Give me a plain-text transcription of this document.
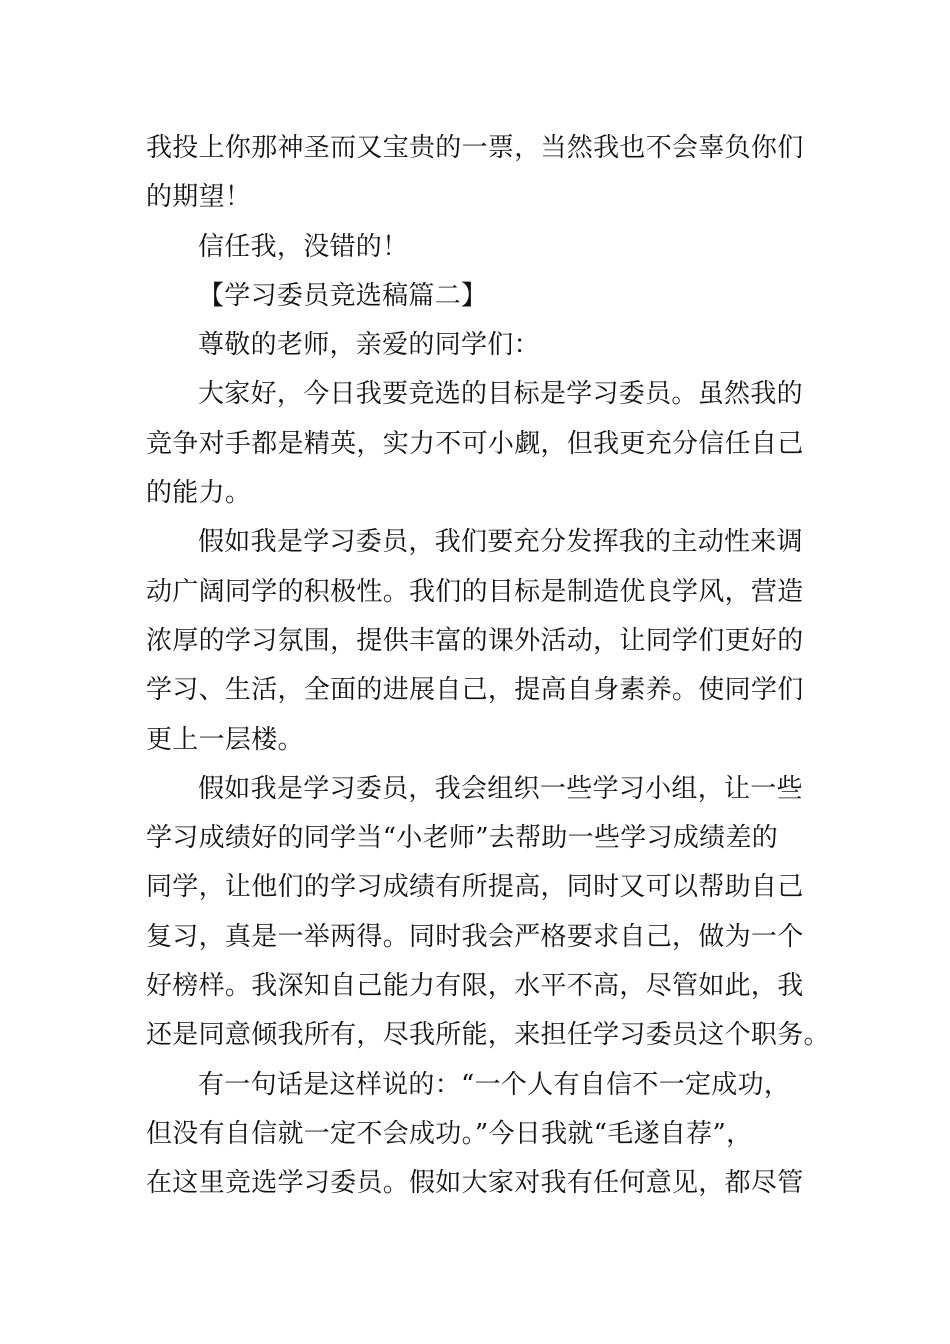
我投上你那神圣而又宝贵的一票，当然我也不会辜负你们
的期望！
信任我，没错的！
【学习委员竞选稿篇二】
尊敬的老师，亲爱的同学们：
大家好，今日我要竞选的目标是学习委员。虽然我的
竞争对手都是精英，实力不可小觑，但我更充分信任自己
的能力。
假如我是学习委员，我们要充分发挥我的主动性来调
动广阔同学的积极性。我们的目标是制造优良学风，营造
浓厚的学习氛围，提供丰富的课外活动，让同学们更好的
学习、生活，全面的进展自己，提高自身素养。使同学们
更上一层楼。
假如我是学习委员，我会组织一些学习小组，让一些
学习成绩好的同学当“小老师”去帮助一些学习成绩差的
同学，让他们的学习成绩有所提高，同时又可以帮助自己
复习，真是一举两得。同时我会严格要求自己，做为一个
好榜样。我深知自己能力有限，水平不高，尽管如此，我
还是同意倾我所有，尽我所能，来担任学习委员这个职务。
有一句话是这样说的：“一个人有自信不一定成功，
但没有自信就一定不会成功。”今日我就“毛遂自荐”，
在这里竞选学习委员。假如大家对我有任何意见，都尽管
